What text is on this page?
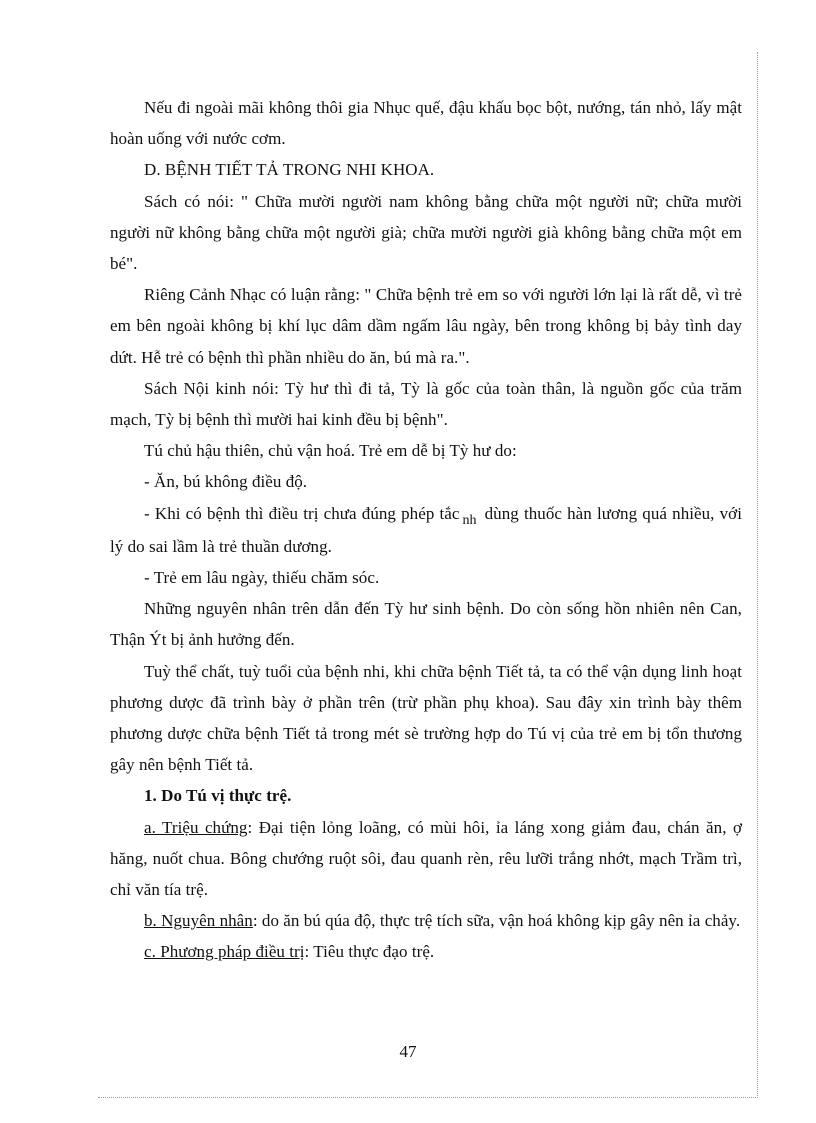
Nếu đi ngoài mãi không thôi gia Nhục quế, đậu khấu bọc bột, nướng, tán nhỏ, lấy mật hoàn uống với nước cơm.

D. BỆNH TIẾT TẢ TRONG NHI KHOA.

Sách có nói: " Chữa mười người nam không bằng chữa một người nữ; chữa mười người nữ không bằng chữa một người già; chữa mười người già không bằng chữa một em bé".

Riêng Cảnh Nhạc có luận rằng: " Chữa bệnh trẻ em so với người lớn lại là rất dễ, vì trẻ em bên ngoài không bị khí lục dâm dầm ngấm lâu ngày, bên trong không bị bảy tình day dứt. Hễ trẻ có bệnh thì phần nhiều do ăn, bú mà ra.".

Sách Nội kinh nói: Tỳ hư thì đi tả, Tỳ là gốc của toàn thân, là nguồn gốc của trăm mạch, Tỳ bị bệnh thì mười hai kinh đều bị bệnh".

Tú chủ hậu thiên, chủ vận hoá. Trẻ em dễ bị Tỳ hư do:

- Ăn, bú không điều độ.

- Khi có bệnh thì điều trị chưa đúng phép tắc $_{nh}$ dùng thuốc hàn lương quá nhiều, với lý do sai lầm là trẻ thuần dương.

- Trẻ em lâu ngày, thiếu chăm sóc.

Những nguyên nhân trên dẫn đến Tỳ hư sinh bệnh. Do còn sống hồn nhiên nên Can, Thận Ýt bị ảnh hưởng đến.

Tuỳ thể chất, tuỳ tuổi của bệnh nhi, khi chữa bệnh Tiết tả, ta có thể vận dụng linh hoạt phương dược đã trình bày ở phần trên (trừ phần phụ khoa). Sau đây xin trình bày thêm phương dược chữa bệnh Tiết tả trong mét sè trường hợp do Tú vị của trẻ em bị tổn thương gây nên bệnh Tiết tả.

1. Do Tú vị thực trệ.

a. Triệu chứng: Đại tiện lỏng loãng, có mùi hôi, ỉa láng xong giảm đau, chán ăn, ợ hăng, nuốt chua. Bông chướng ruột sôi, đau quanh rèn, rêu lưỡi trắng nhớt, mạch Trầm trì, chỉ văn tía trệ.

b. Nguyên nhân: do ăn bú qúa độ, thực trệ tích sữa, vận hoá không kịp gây nên ỉa chảy.

c. Phương pháp điều trị: Tiêu thực đạo trệ.

47
